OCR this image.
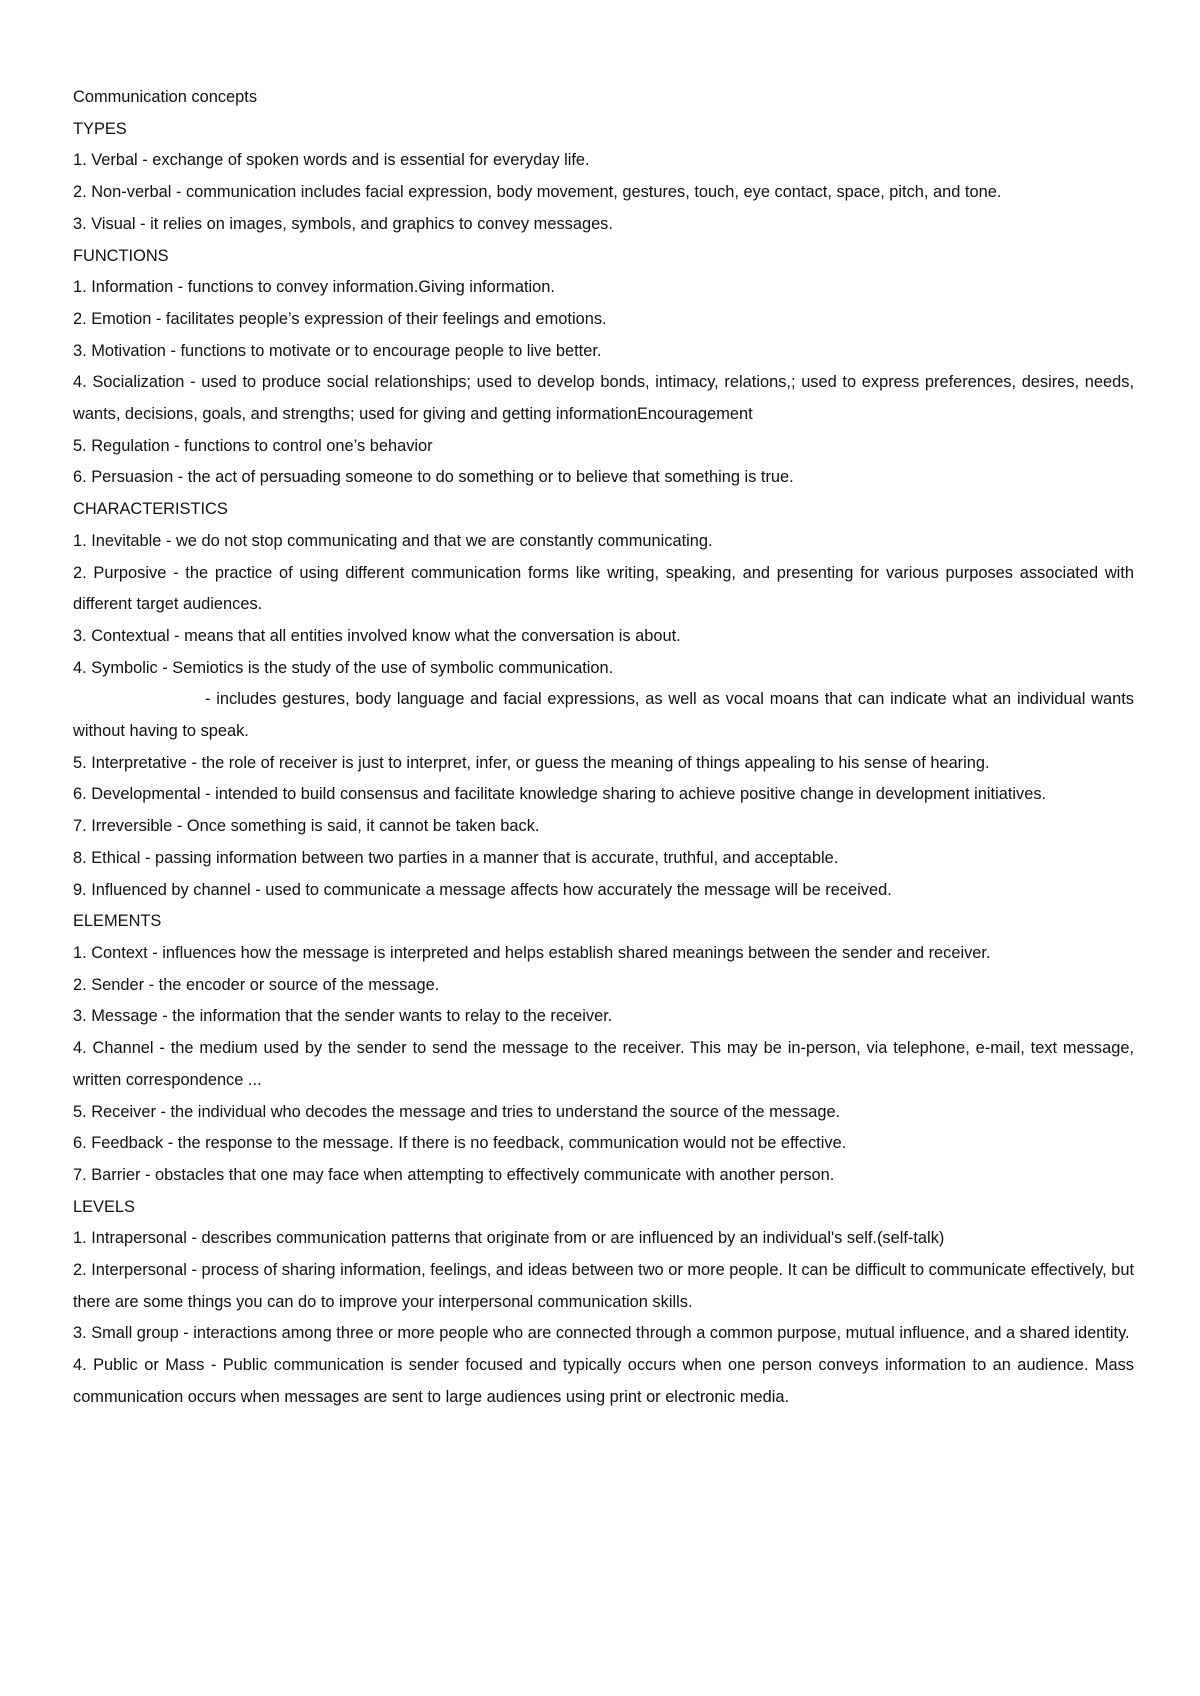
Communication concepts

TYPES

1. Verbal - exchange of spoken words and is essential for everyday life.

2. Non-verbal - communication includes facial expression, body movement, gestures, touch, eye contact, space, pitch, and tone.

3. Visual - it relies on images, symbols, and graphics to convey messages.

FUNCTIONS

1. Information - functions to convey information.Giving information.

2. Emotion - facilitates people’s expression of their feelings and emotions.

3. Motivation - functions to motivate or to encourage people to live better.

4. Socialization - used to produce social relationships; used to develop bonds, intimacy, relations,; used to express preferences, desires, needs, wants, decisions, goals, and strengths; used for giving and getting informationEncouragement

5. Regulation - functions to control one’s behavior

6. Persuasion - the act of persuading someone to do something or to believe that something is true.

CHARACTERISTICS

1. Inevitable - we do not stop communicating and that we are constantly communicating.

2. Purposive - the practice of using different communication forms like writing, speaking, and presenting for various purposes associated with different target audiences.

3. Contextual - means that all entities involved know what the conversation is about.

4. Symbolic - Semiotics is the study of the use of symbolic communication.

- includes gestures, body language and facial expressions, as well as vocal moans that can indicate what an individual wants without having to speak.

5. Interpretative - the role of receiver is just to interpret, infer, or guess the meaning of things appealing to his sense of hearing.

6. Developmental - intended to build consensus and facilitate knowledge sharing to achieve positive change in development initiatives.

7. Irreversible - Once something is said, it cannot be taken back.

8. Ethical - passing information between two parties in a manner that is accurate, truthful, and acceptable.

9. Influenced by channel - used to communicate a message affects how accurately the message will be received.

ELEMENTS

1. Context - influences how the message is interpreted and helps establish shared meanings between the sender and receiver.

2. Sender - the encoder or source of the message.

3. Message - the information that the sender wants to relay to the receiver.

4. Channel - the medium used by the sender to send the message to the receiver. This may be in-person, via telephone, e-mail, text message, written correspondence ...

5. Receiver - the individual who decodes the message and tries to understand the source of the message.

6. Feedback - the response to the message. If there is no feedback, communication would not be effective.

7. Barrier - obstacles that one may face when attempting to effectively communicate with another person.

LEVELS

1. Intrapersonal - describes communication patterns that originate from or are influenced by an individual's self.(self-talk)

2. Interpersonal - process of sharing information, feelings, and ideas between two or more people. It can be difficult to communicate effectively, but there are some things you can do to improve your interpersonal communication skills.

3. Small group - interactions among three or more people who are connected through a common purpose, mutual influence, and a shared identity.

4. Public or Mass - Public communication is sender focused and typically occurs when one person conveys information to an audience. Mass communication occurs when messages are sent to large audiences using print or electronic media.
